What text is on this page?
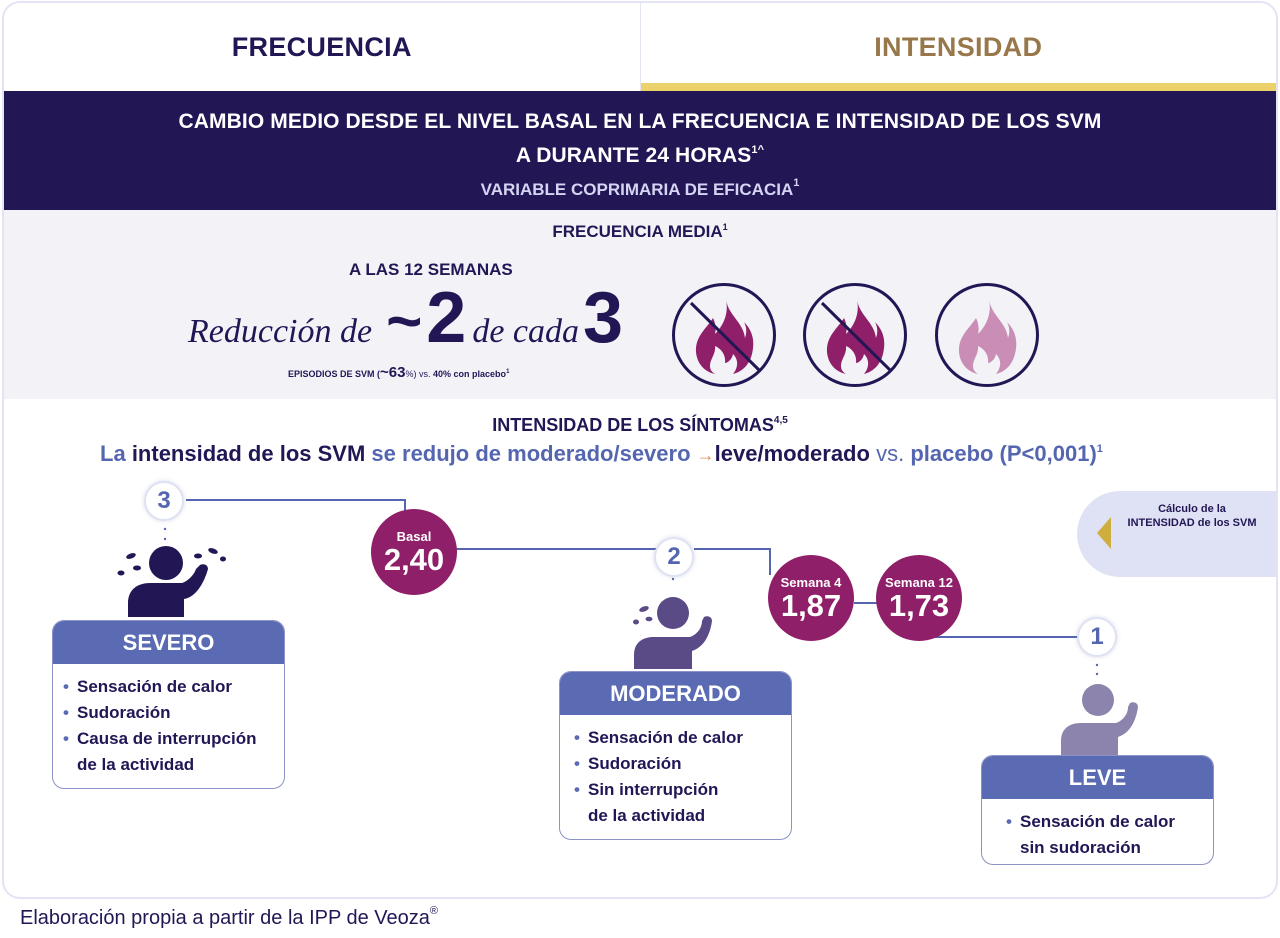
FRECUENCIA	INTENSIDAD
CAMBIO MEDIO DESDE EL NIVEL BASAL EN LA FRECUENCIA E INTENSIDAD DE LOS SVM
A DURANTE 24 $HORAS^{1\^{}}$
VARIABLE COPRIMARIA DE EFICACIA$^1$
FRECUENCIA MEDIA$^1$
A LAS 12 SEMANAS
Reducción de ~ 2 de cada 3
EPISODIOS DE SVM (~63%) vs. 40% con placebo$^1$
INTENSIDAD DE LOS SÍNTOMAS$^{4,5}$
La intensidad de los SVM se redujo de moderado/severo →leve/moderado vs. placebo (P<0,001)$^1$
3
2
1
Basal
2,40
Semana 4
1,87
Semana 12
1,73
SEVERO
• Sensación de calor
• Sudoración
• Causa de interrupción
de la actividad
MODERADO
• Sensación de calor
• Sudoración
• Sin interrupción
de la actividad
LEVE
• Sensación de calor
sin sudoración
Cálculo de la
INTENSIDAD de los SVM
Elaboración propia a partir de la IPP de Veoza®
